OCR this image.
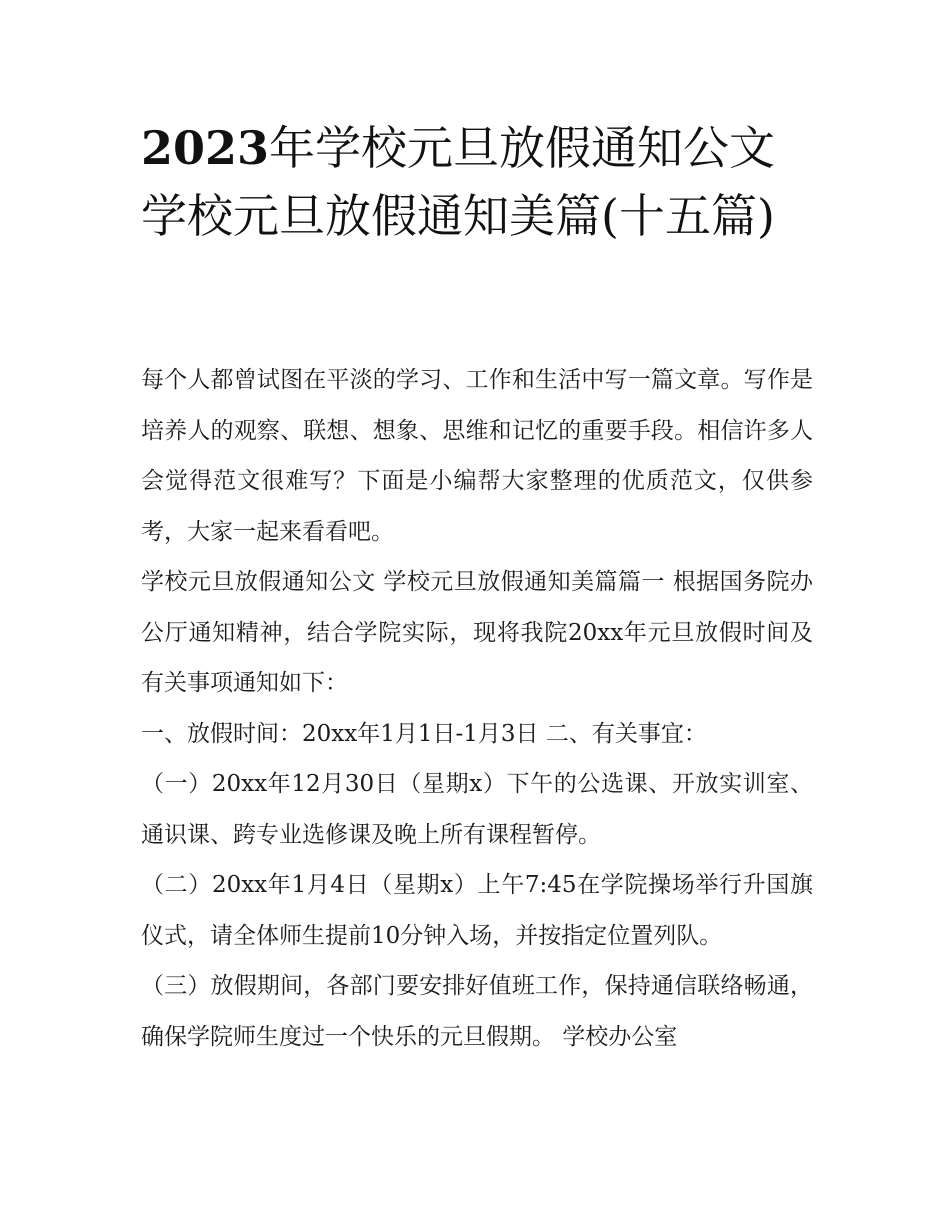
2023年学校元旦放假通知公文学校元旦放假通知美篇(十五篇)

每个人都曾试图在平淡的学习、工作和生活中写一篇文章。写作是培养人的观察、联想、想象、思维和记忆的重要手段。相信许多人会觉得范文很难写？下面是小编帮大家整理的优质范文，仅供参考，大家一起来看看吧。

学校元旦放假通知公文 学校元旦放假通知美篇篇一 根据国务院办公厅通知精神，结合学院实际，现将我院20xx年元旦放假时间及有关事项通知如下：

一、放假时间：20xx年1月1日-1月3日 二、有关事宜：

（一）20xx年12月30日（星期x）下午的公选课、开放实训室、通识课、跨专业选修课及晚上所有课程暂停。

（二）20xx年1月4日（星期x）上午7:45在学院操场举行升国旗仪式，请全体师生提前10分钟入场，并按指定位置列队。

（三）放假期间，各部门要安排好值班工作，保持通信联络畅通，确保学院师生度过一个快乐的元旦假期。 学校办公室
